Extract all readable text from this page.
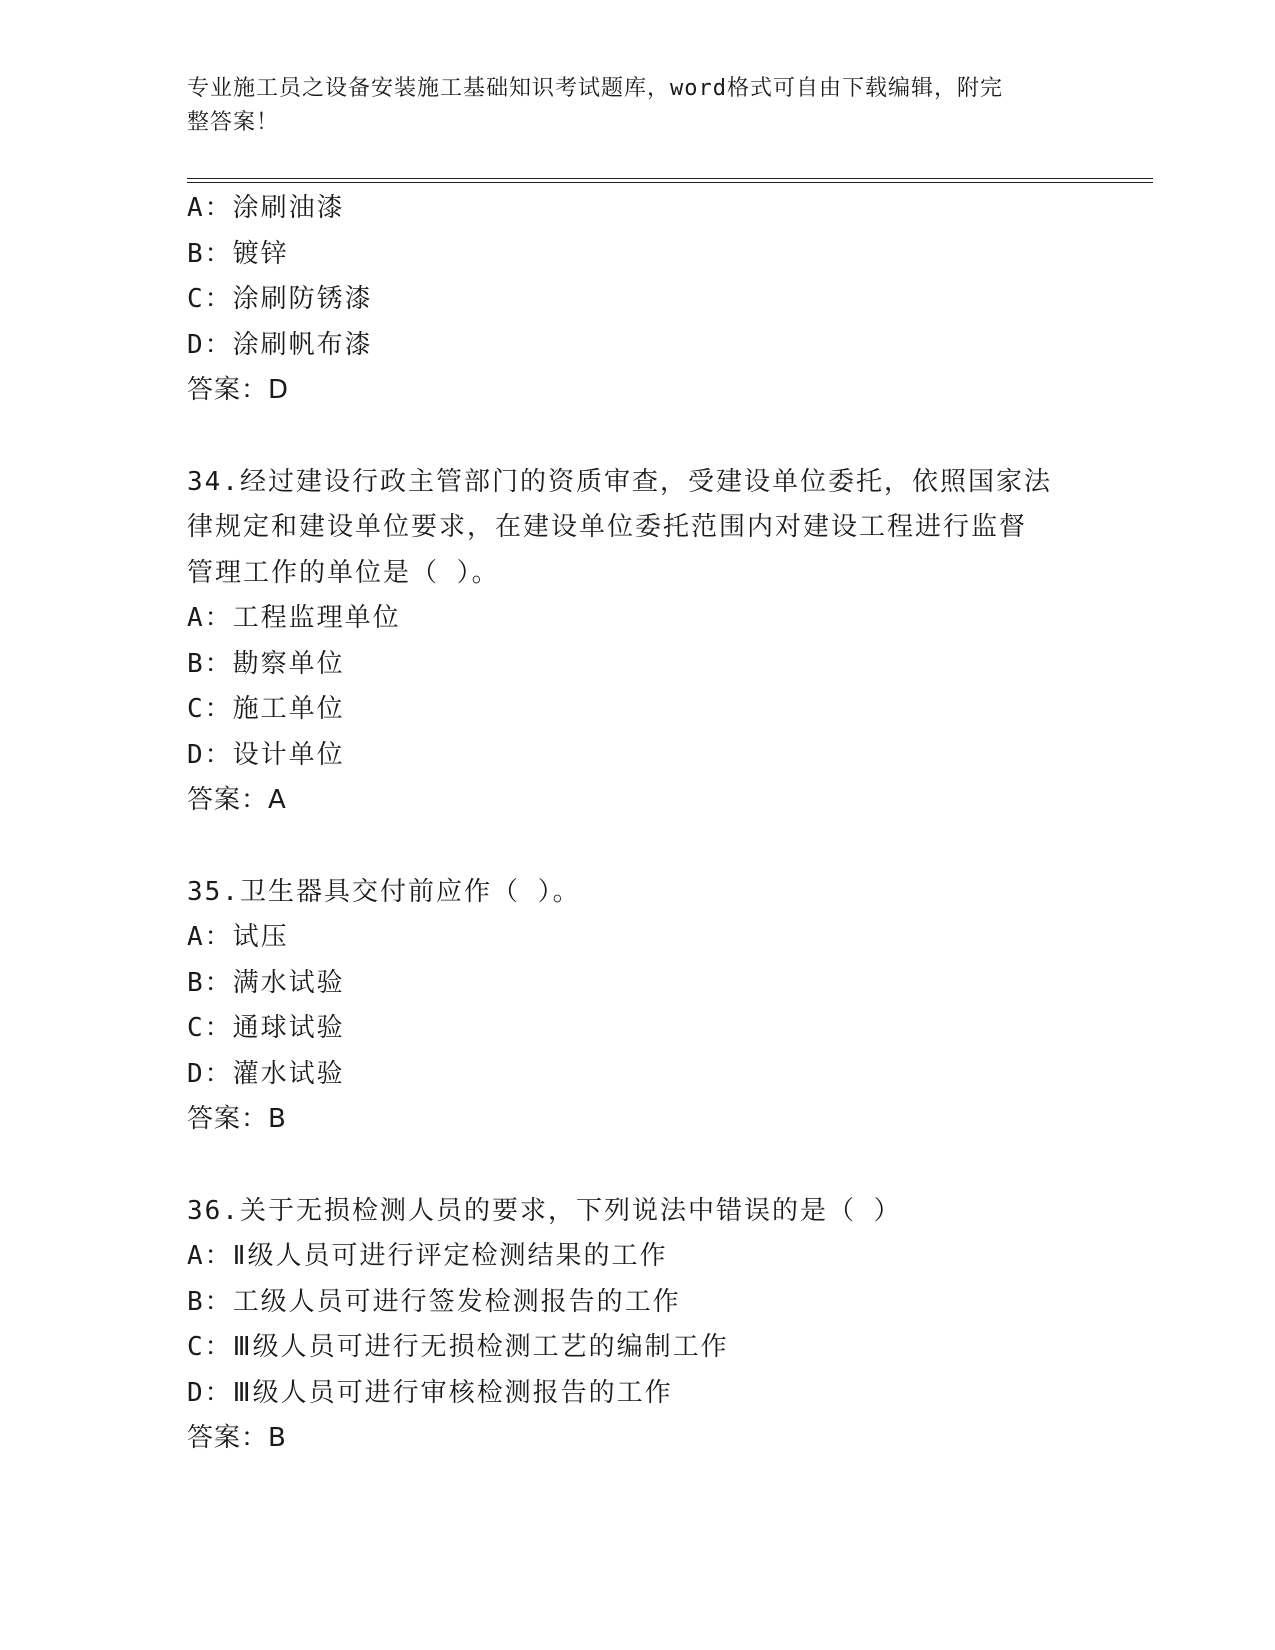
专业施工员之设备安装施工基础知识考试题库，word格式可自由下载编辑，附完
整答案！
A：涂刷油漆
B：镀锌
C：涂刷防锈漆
D：涂刷帆布漆
答案：D
34.经过建设行政主管部门的资质审查，受建设单位委托，依照国家法
律规定和建设单位要求，在建设单位委托范围内对建设工程进行监督
管理工作的单位是（ ）。
A：工程监理单位
B：勘察单位
C：施工单位
D：设计单位
答案：A
35.卫生器具交付前应作（ ）。
A：试压
B：满水试验
C：通球试验
D：灌水试验
答案：B
36.关于无损检测人员的要求，下列说法中错误的是（ ）
A：Ⅱ级人员可进行评定检测结果的工作
B：工级人员可进行签发检测报告的工作
C：Ⅲ级人员可进行无损检测工艺的编制工作
D：Ⅲ级人员可进行审核检测报告的工作
答案：B
